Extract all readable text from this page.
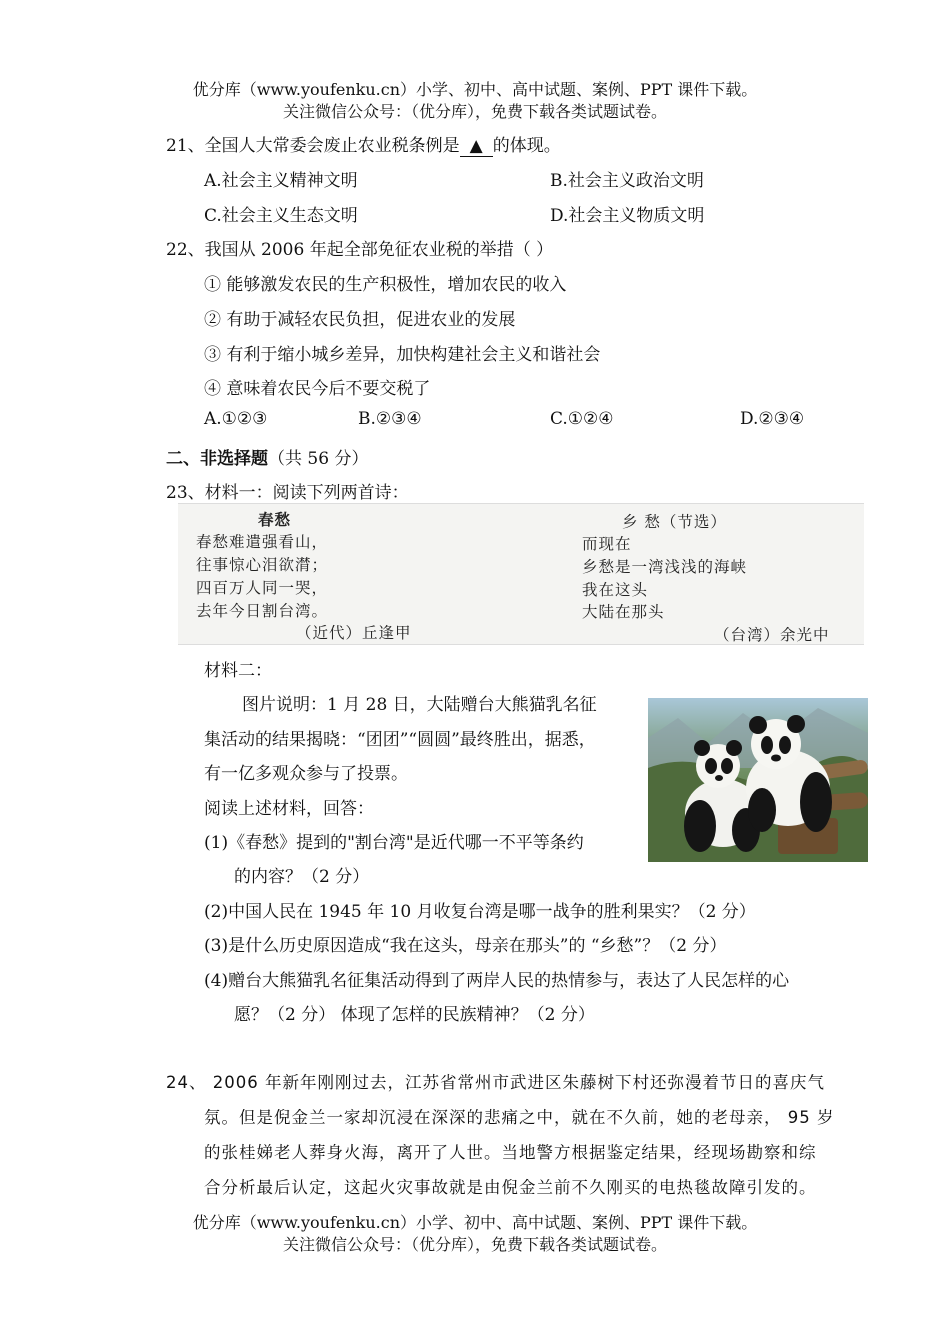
优分库（www.youfenku.cn）小学、初中、高中试题、案例、PPT 课件下载。
关注微信公众号：（优分库），免费下载各类试题试卷。
21、全国人大常委会废止农业税条例是 ▲ 的体现。
A.社会主义精神文明	B.社会主义政治文明
C.社会主义生态文明	D.社会主义物质文明
22、我国从 2006 年起全部免征农业税的举措（ ）
① 能够激发农民的生产积极性，增加农民的收入
② 有助于减轻农民负担，促进农业的发展
③ 有利于缩小城乡差异，加快构建社会主义和谐社会
④ 意味着农民今后不要交税了
A.①②③	B.②③④	C.①②④	D.②③④
二、非选择题（共 56 分）
23、材料一：阅读下列两首诗：
春愁
春愁难遣强看山，
往事惊心泪欲潸；
四百万人同一哭，
去年今日割台湾。
（近代）丘逢甲
乡 愁（节选）
而现在
乡愁是一湾浅浅的海峡
我在这头
大陆在那头
（台湾）余光中
材料二：
图片说明：1 月 28 日，大陆赠台大熊猫乳名征
集活动的结果揭晓：“团团”“圆圆”最终胜出，据悉，
有一亿多观众参与了投票。
阅读上述材料，回答：
(1)《春愁》提到的"割台湾"是近代哪一不平等条约
的内容？（2 分）
(2)中国人民在 1945 年 10 月收复台湾是哪一战争的胜利果实？（2 分）
(3)是什么历史原因造成“我在这头，母亲在那头”的 “乡愁”？（2 分）
(4)赠台大熊猫乳名征集活动得到了两岸人民的热情参与，表达了人民怎样的心
愿？（2 分） 体现了怎样的民族精神？（2 分）
24、 2006 年新年刚刚过去，江苏省常州市武进区朱藤树下村还弥漫着节日的喜庆气
氛。但是倪金兰一家却沉浸在深深的悲痛之中，就在不久前，她的老母亲， 95 岁
的张桂娣老人葬身火海，离开了人世。当地警方根据鉴定结果，经现场勘察和综
合分析最后认定，这起火灾事故就是由倪金兰前不久刚买的电热毯故障引发的。
优分库（www.youfenku.cn）小学、初中、高中试题、案例、PPT 课件下载。
关注微信公众号：（优分库），免费下载各类试题试卷。
